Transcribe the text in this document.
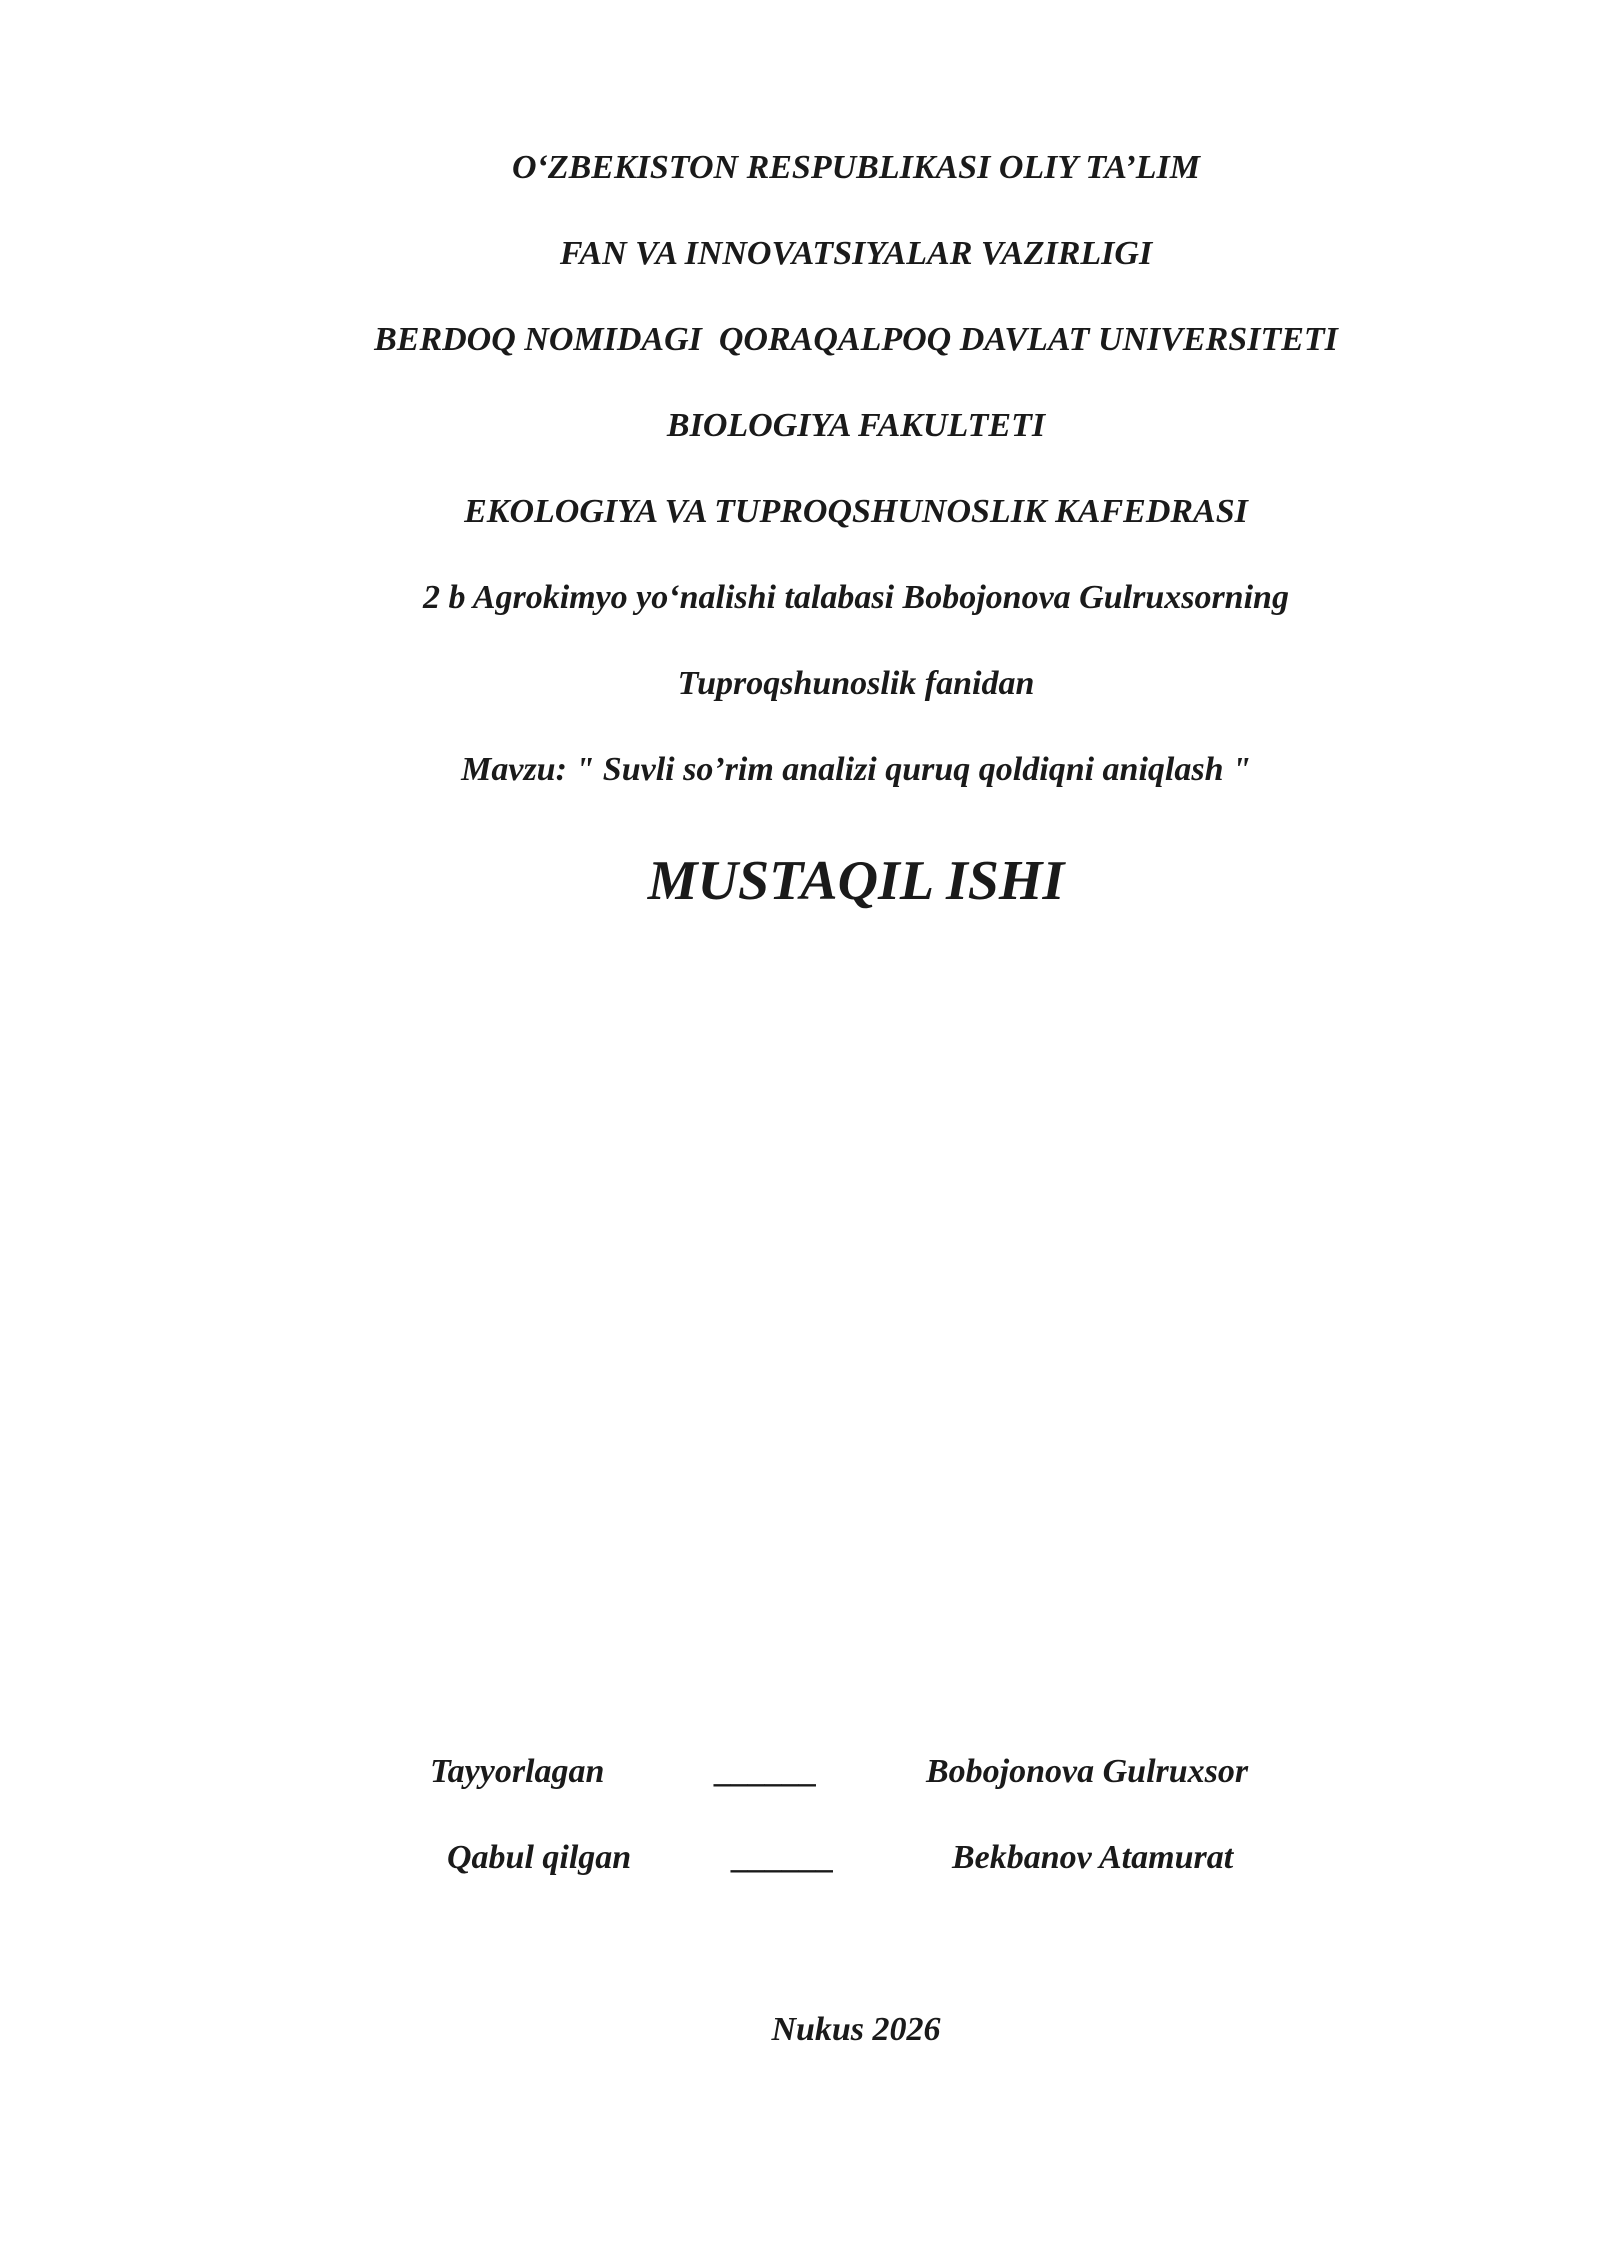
O‘ZBEKISTON RESPUBLIKASI OLIY TA’LIM
FAN VA INNOVATSIYALAR VAZIRLIGI
BERDOQ NOMIDAGI  QORAQALPOQ DAVLAT UNIVERSITETI
BIOLOGIYA FAKULTETI
EKOLOGIYA VA TUPROQSHUNOSLIK KAFEDRASI
2 b Agrokimyo yo‘nalishi talabasi Bobojonova Gulruxsorning
Tuproqshunoslik fanidan
Mavzu: " Suvli so’rim analizi quruq qoldiqni aniqlash "
MUSTAQIL ISHI
Tayyorlagan	______	Bobojonova Gulruxsor
Qabul qilgan	______	Bekbanov Atamurat
Nukus 2026
